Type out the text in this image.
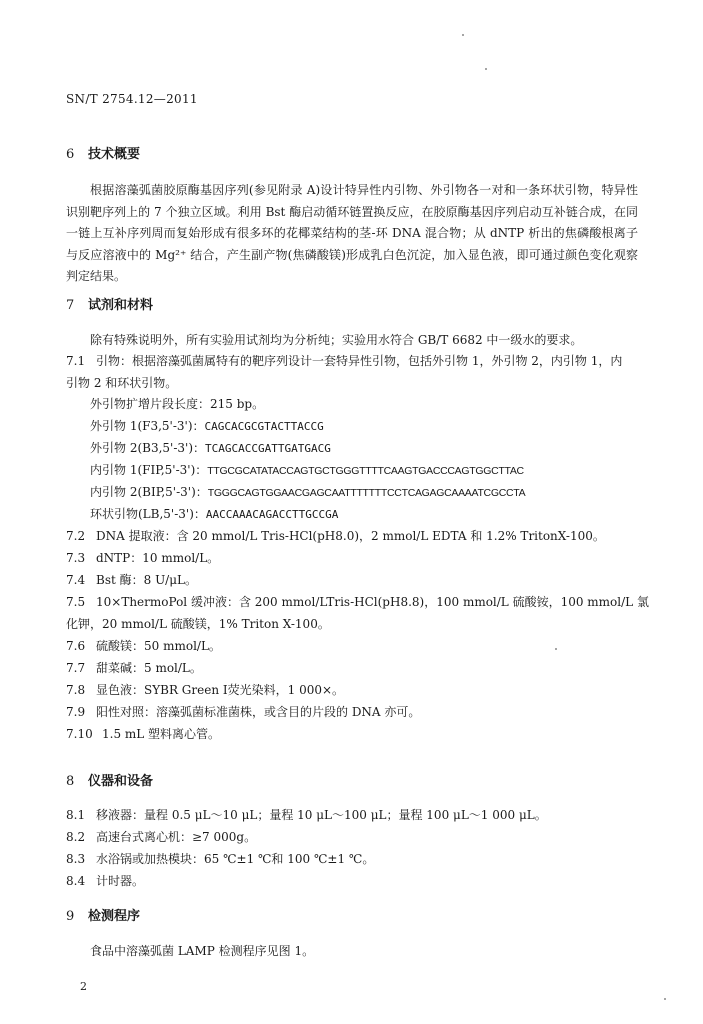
SN/T 2754.12—2011
6 技术概要

根据溶藻弧菌胶原酶基因序列(参见附录 A)设计特异性内引物、外引物各一对和一条环状引物，特异性识别靶序列上的 7 个独立区域。利用 Bst 酶启动循环链置换反应，在胶原酶基因序列启动互补链合成，在同一链上互补序列周而复始形成有很多环的花椰菜结构的茎-环 DNA 混合物；从 dNTP 析出的焦磷酸根离子与反应溶液中的 Mg²⁺ 结合，产生副产物(焦磷酸镁)形成乳白色沉淀，加入显色液，即可通过颜色变化观察判定结果。

7 试剂和材料
除有特殊说明外，所有实验用试剂均为分析纯；实验用水符合 GB/T 6682 中一级水的要求。
7.1 引物：根据溶藻弧菌属特有的靶序列设计一套特异性引物，包括外引物 1，外引物 2，内引物 1，内
引物 2 和环状引物。
外引物扩增片段长度：215 bp。
外引物 1(F3,5'-3')：CAGCACGCGTACTTACCG
外引物 2(B3,5'-3')：TCAGCACCGATTGATGACG
内引物 1(FIP,5'-3')：TTGCGCATATACCAGTGCTGGGTTTTCAAGTGACCCAGTGGCTTAC
内引物 2(BIP,5'-3')：TGGGCAGTGGAACGAGCAATTTTTTTCCTCAGAGCAAAATCGCCTA
环状引物(LB,5'-3')：AACCAAACAGACCTTGCCGA
7.2 DNA 提取液：含 20 mmol/L Tris-HCl(pH8.0)，2 mmol/L EDTA 和 1.2% TritonX-100。
7.3 dNTP：10 mmol/L。
7.4 Bst 酶：8 U/μL。
7.5 10×ThermoPol 缓冲液：含 200 mmol/LTris-HCl(pH8.8)，100 mmol/L 硫酸铵，100 mmol/L 氯
化钾，20 mmol/L 硫酸镁，1% Triton X-100。
7.6 硫酸镁：50 mmol/L。
7.7 甜菜碱：5 mol/L。
7.8 显色液：SYBR Green Ⅰ荧光染料，1 000×。
7.9 阳性对照：溶藻弧菌标准菌株，或含目的片段的 DNA 亦可。
7.10 1.5 mL 塑料离心管。
8 仪器和设备
8.1 移液器：量程 0.5 μL～10 μL；量程 10 μL～100 μL；量程 100 μL～1 000 μL。
8.2 高速台式离心机：≥7 000g。
8.3 水浴锅或加热模块：65 ℃±1 ℃和 100 ℃±1 ℃。
8.4 计时器。
9 检测程序
食品中溶藻弧菌 LAMP 检测程序见图 1。
2
